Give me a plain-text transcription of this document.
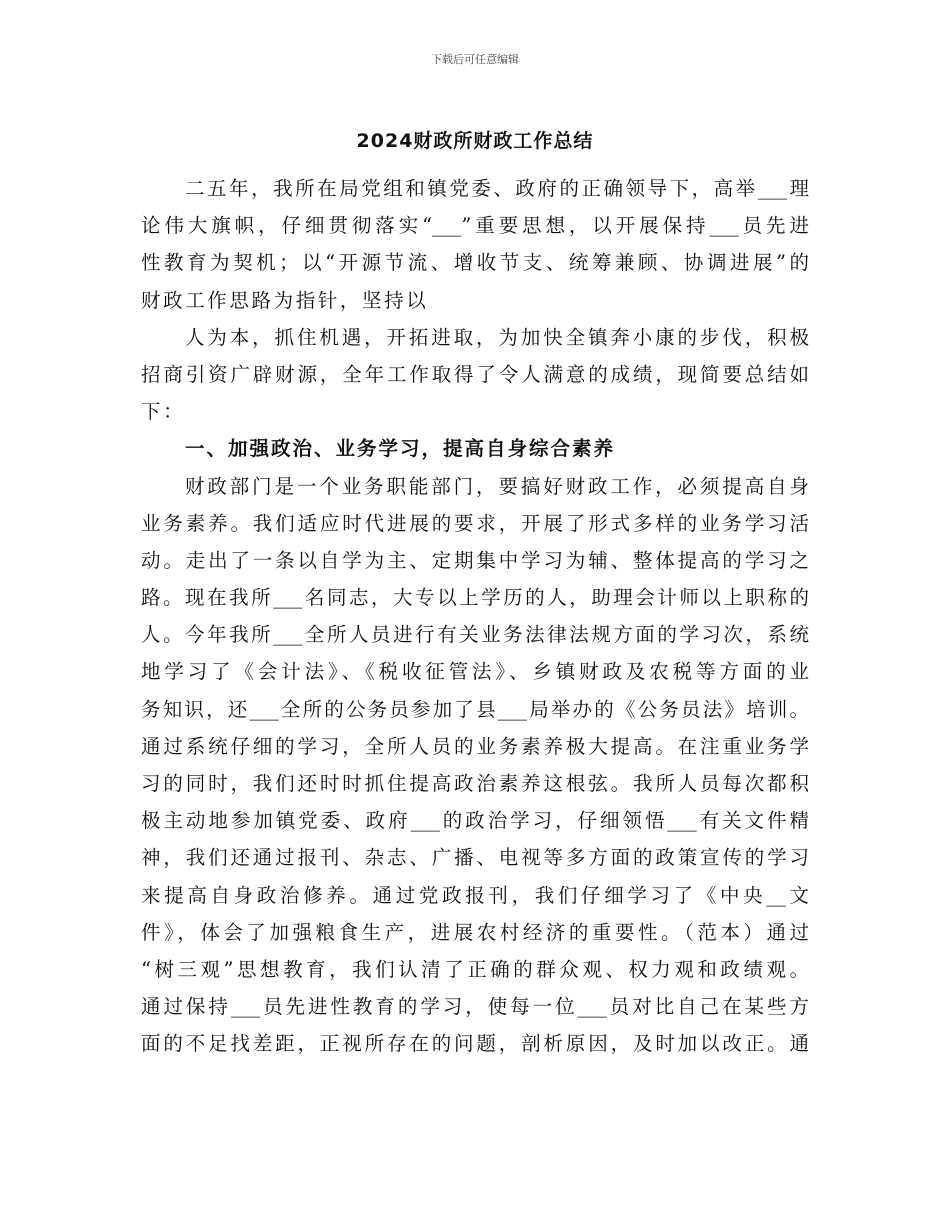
下载后可任意编辑
2024财政所财政工作总结
二五年，我所在局党组和镇党委、政府的正确领导下，高举___理
论伟大旗帜，仔细贯彻落实“___”重要思想，以开展保持___员先进
性教育为契机；以“开源节流、增收节支、统筹兼顾、协调进展”的
财政工作思路为指针，坚持以
人为本，抓住机遇，开拓进取，为加快全镇奔小康的步伐，积极
招商引资广辟财源，全年工作取得了令人满意的成绩，现简要总结如
下：
一、加强政治、业务学习，提高自身综合素养
财政部门是一个业务职能部门，要搞好财政工作，必须提高自身
业务素养。我们适应时代进展的要求，开展了形式多样的业务学习活
动。走出了一条以自学为主、定期集中学习为辅、整体提高的学习之
路。现在我所___名同志，大专以上学历的人，助理会计师以上职称的
人。今年我所___全所人员进行有关业务法律法规方面的学习次，系统
地学习了《会计法》、《税收征管法》、乡镇财政及农税等方面的业
务知识，还___全所的公务员参加了县___局举办的《公务员法》培训。
通过系统仔细的学习，全所人员的业务素养极大提高。在注重业务学
习的同时，我们还时时抓住提高政治素养这根弦。我所人员每次都积
极主动地参加镇党委、政府___的政治学习，仔细领悟___有关文件精
神，我们还通过报刊、杂志、广播、电视等多方面的政策宣传的学习
来提高自身政治修养。通过党政报刊，我们仔细学习了《中央__文
件》，体会了加强粮食生产，进展农村经济的重要性。（范本）通过
“树三观”思想教育，我们认清了正确的群众观、权力观和政绩观。
通过保持___员先进性教育的学习，使每一位___员对比自己在某些方
面的不足找差距，正视所存在的问题，剖析原因，及时加以改正。通
